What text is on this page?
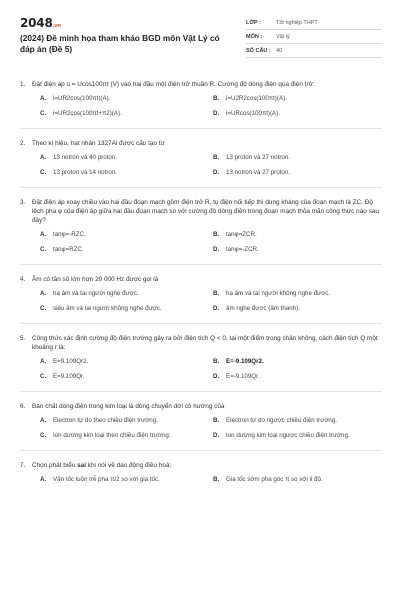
2048.vn
(2024) Đề minh họa tham khảo BGD môn Vật Lý có đáp án (Đề 5)
LỚP :	Tốt nghiệp THPT
MÔN :	Vật lý
SỐ CÂU : 40
1.	Đặt điện áp u = Ucos100πt (V) vào hai đầu một điện trở thuần R. Cường độ dòng điện qua điện trở:
A.	i=UR2cos(100πt)(A).	B.	i=U2R2cos(100πt)(A).
C.	i=UR2cos(100πt+π2)(A).	D.	i=URcos(100πt)(A).
2.	Theo kí hiệu, hạt nhân 1327Al được cấu tạo từ
A.	13 notron và 40 proton.	B.	13 proton và 27 notron.
C.	13 proton và 14 notron.	D.	13 notron và 27 proton.
3.	Đặt điện áp xoay chiều vào hai đầu đoạn mạch gồm điện trở R, tụ điện nối tiếp thì dung kháng của đoạn mạch là ZC. Độ lệch pha φ của điện áp giữa hai đầu đoạn mạch so với cường độ dòng điện trong đoạn mạch thỏa mãn công thức nào sau đây?
A.	tanφ=-RZC.	B.	tanφ=ZCR.
C.	tanφ=RZC.	D.	tanφ=-ZCR.
4.	Âm có tần số lớn hơn 20 000 Hz được gọi là
A.	hạ âm và tai người nghe được.	B.	hạ âm và tai người không nghe được.
C.	siêu âm và tai người không nghe được.	D.	âm nghe được (âm thanh).
5.	Công thức xác định cường độ điện trường gây ra bởi điện tích Q < 0, tại một điểm trong chân không, cách điện tích Q một khoảng r là:
A.	E=9.109Qr2.	B.	E=-9.109Qr2.
C.	E=9.109Qr.	D.	E=-9.109Qr.
6.	Bản chất dòng điện trong kim loại là dòng chuyển dời có hướng của
A.	Electron tự do theo chiều điện trường.	B.	Electron tự do ngược chiều điện trường.
C.	Ion dương kim loại theo chiều điện trường.	D.	Ion dương kim loại ngược chiều điện trường.
7.	Chọn phát biểu sai khi nói về dao động điều hoà:
A.	Vận tốc luôn trễ pha π/2 so với gia tốc.	B.	Gia tốc sớm pha góc π so với li độ.
